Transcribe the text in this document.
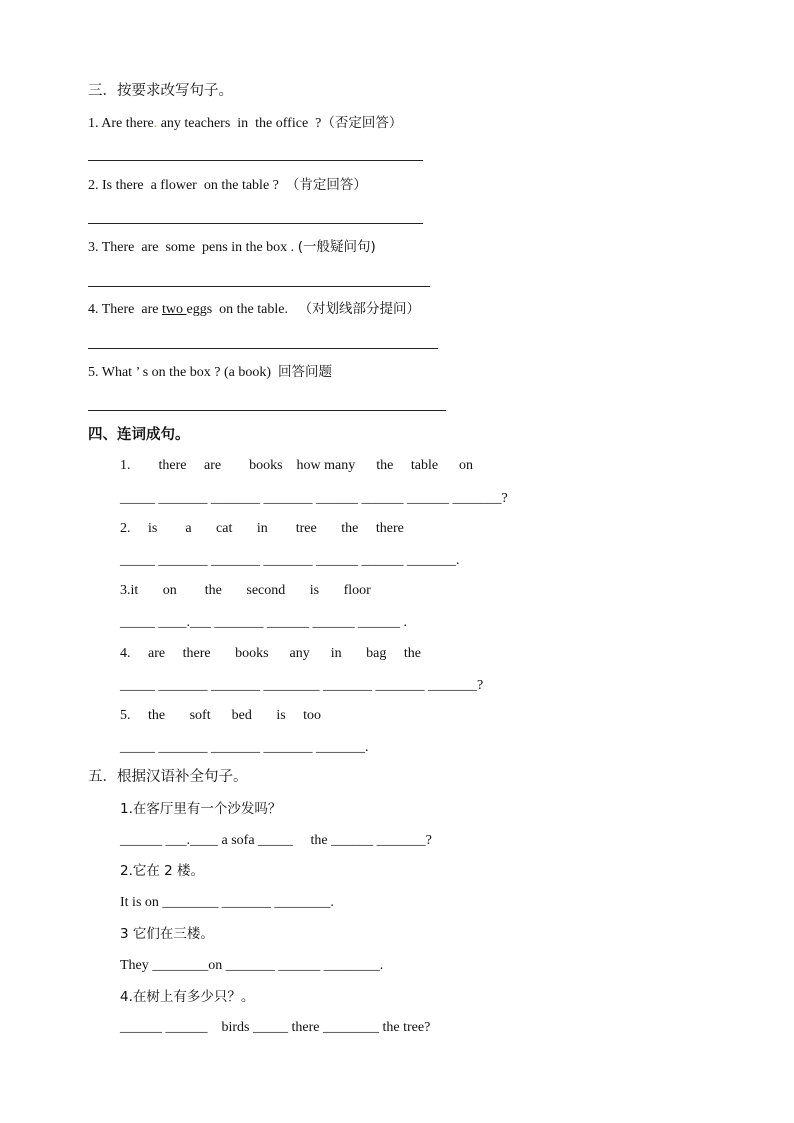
三．按要求改写句子。
1. Are there. any teachers  in  the office  ?（否定回答）
2. Is there  a flower  on the table ?  （肯定回答）
3. There  are  some  pens in the box . (一般疑问句)
4. There  are two eggs  on the table.   （对划线部分提问）
5. What ’ s on the box ? (a book)  回答问题
四、连词成句。
1.        there     are        books    how many      the     table      on
_____ _______ _______ _______ ______ ______ ______ _______?
2.     is        a       cat       in        tree       the     there
_____ _______ _______ _______ ______ ______ _______.
3.it       on        the       second       is       floor
_____ ____.___ _______ ______ ______ ______ .
4.     are     there       books      any      in       bag     the
_____ _______ _______ ________ _______ _______ _______?
5.     the       soft      bed       is     too
_____ _______ _______ _______ _______.
五．根据汉语补全句子。
1.在客厅里有一个沙发吗？
______ ___.____ a sofa _____     the ______ _______?
2.它在 2 楼。
It is on ________ _______ ________.
3 它们在三楼。
They ________on _______ ______ ________.
4.在树上有多少只？。
______ ______    birds _____ there ________ the tree?
